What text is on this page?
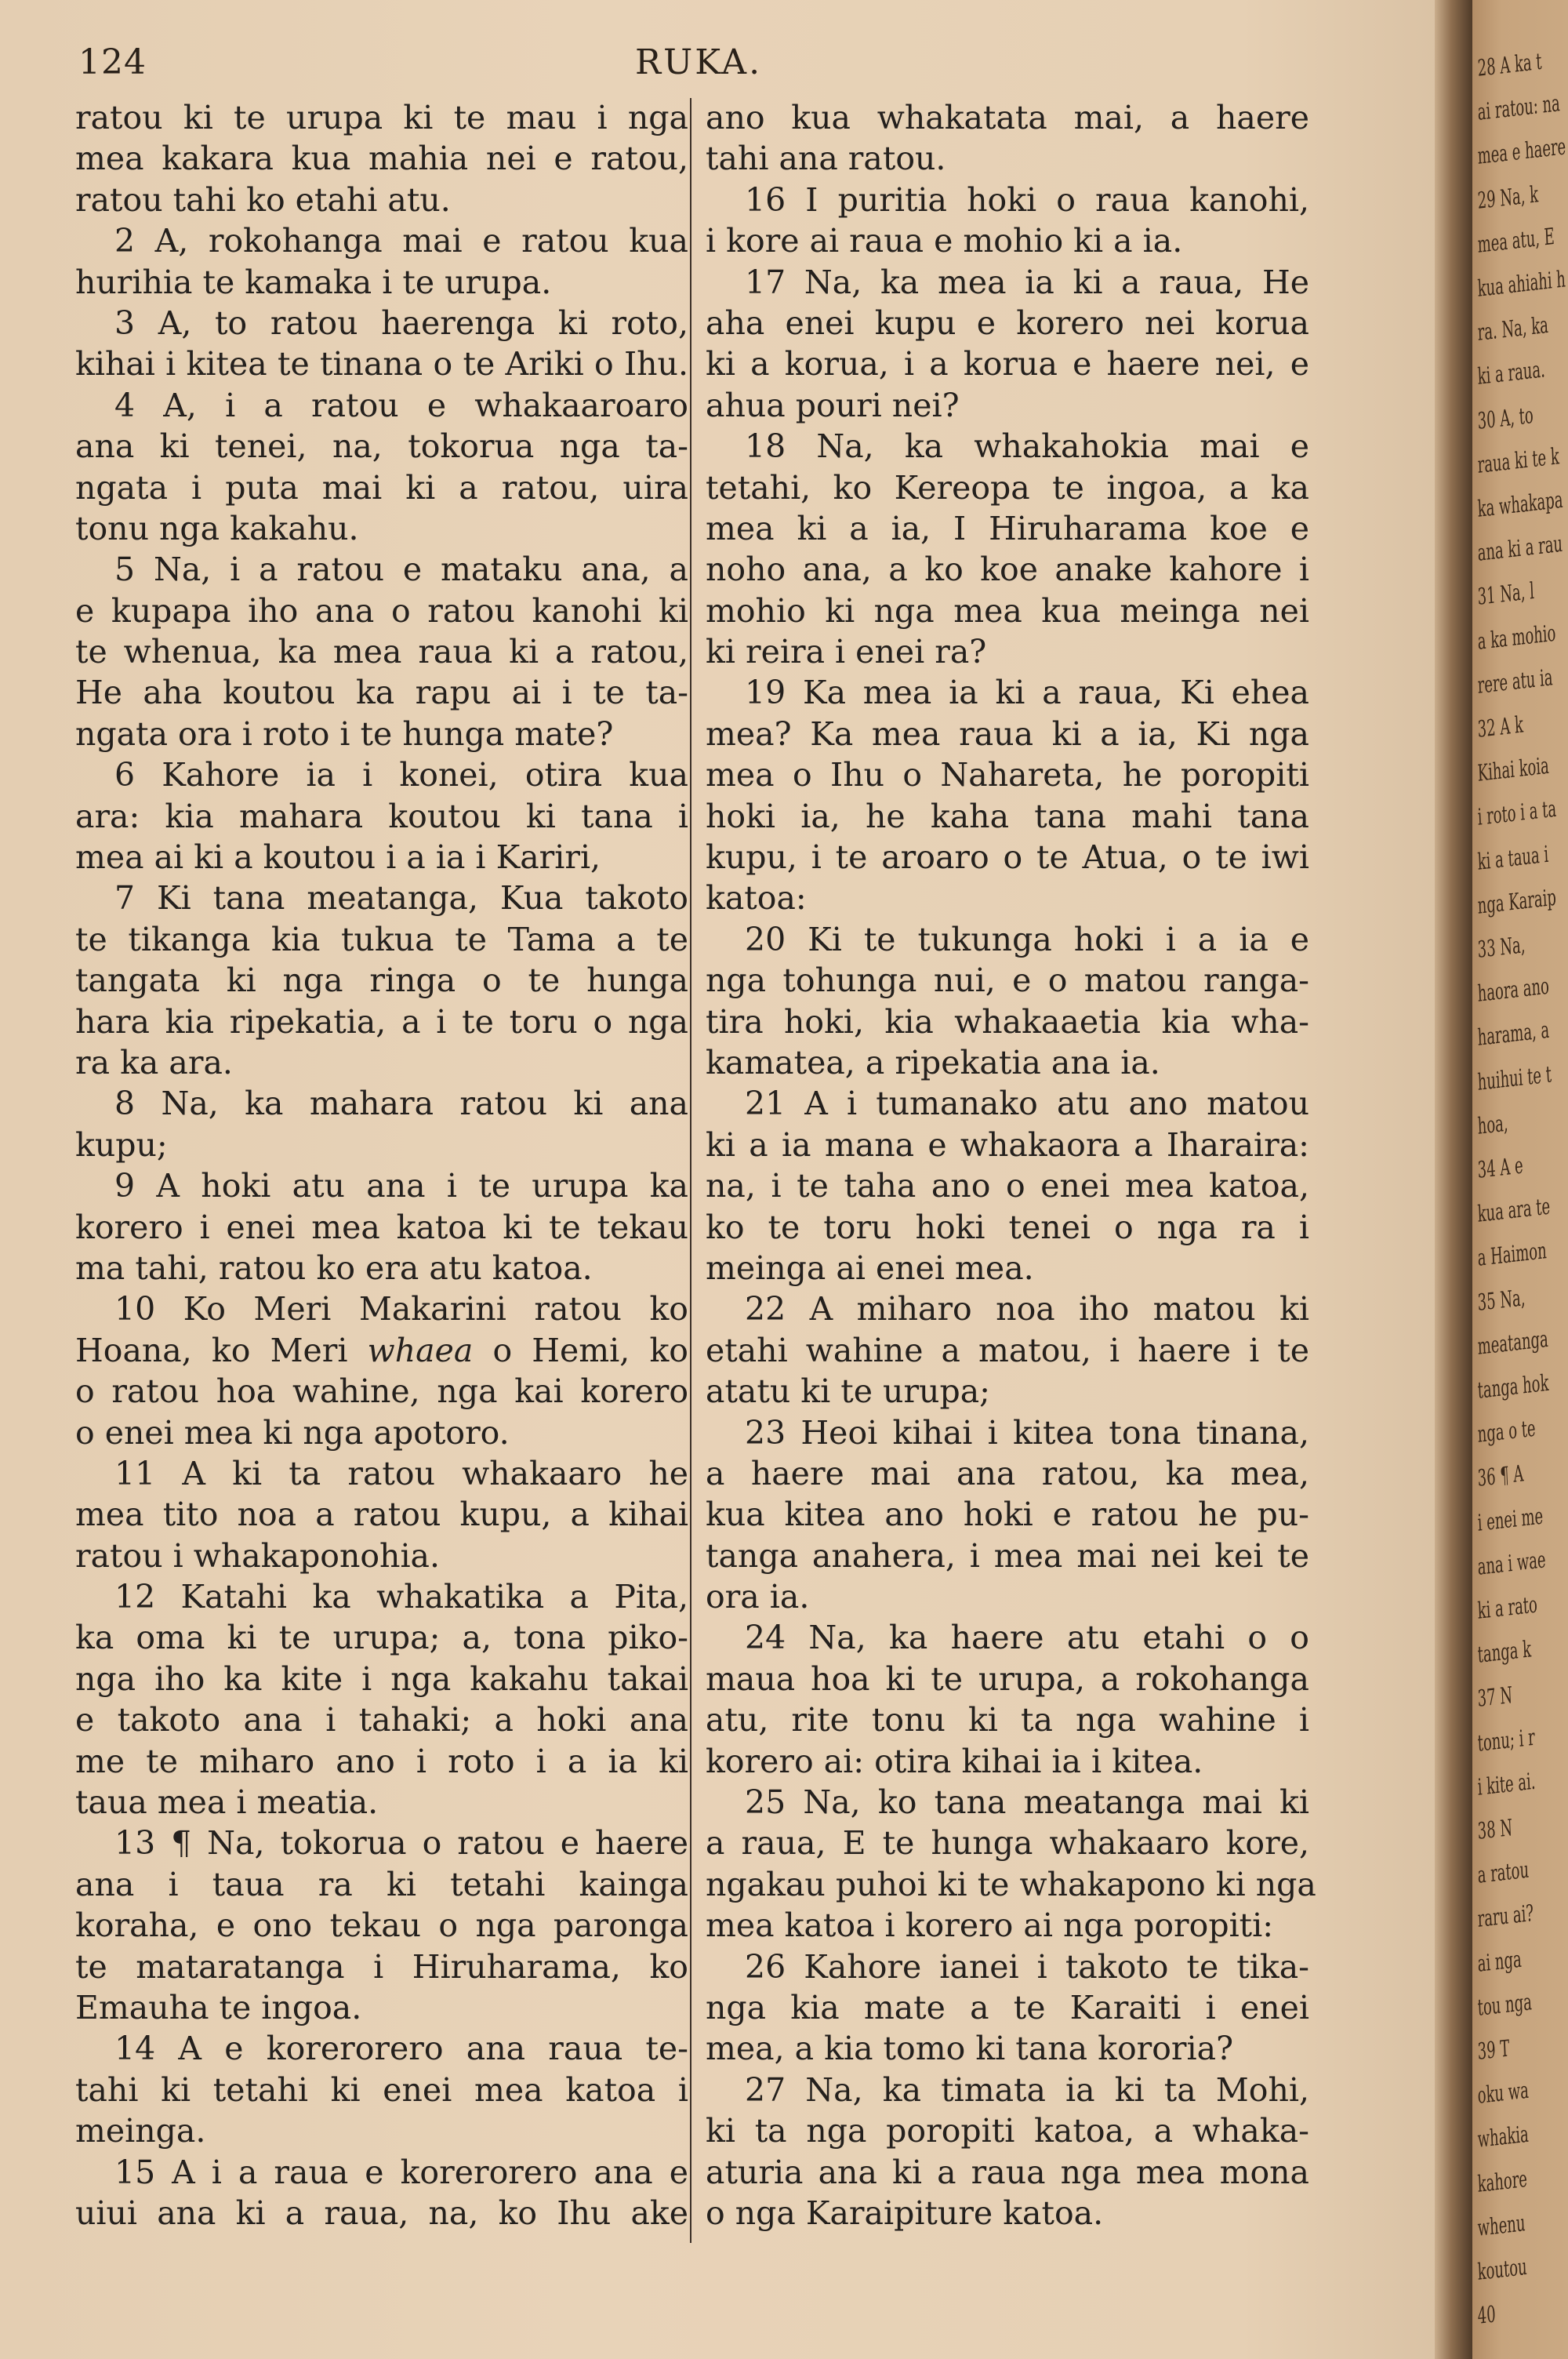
124	RUKA.
ratou ki te urupa ki te mau i nga
mea kakara kua mahia nei e ratou,
ratou tahi ko etahi atu.
2 A, rokohanga mai e ratou kua
hurihia te kamaka i te urupa.
3 A, to ratou haerenga ki roto,
kihai i kitea te tinana o te Ariki o Ihu.
4 A, i a ratou e whakaaroaro
ana ki tenei, na, tokorua nga ta-
ngata i puta mai ki a ratou, uira
tonu nga kakahu.
5 Na, i a ratou e mataku ana, a
e kupapa iho ana o ratou kanohi ki
te whenua, ka mea raua ki a ratou,
He aha koutou ka rapu ai i te ta-
ngata ora i roto i te hunga mate?
6 Kahore ia i konei, otira kua
ara: kia mahara koutou ki tana i
mea ai ki a koutou i a ia i Kariri,
7 Ki tana meatanga, Kua takoto
te tikanga kia tukua te Tama a te
tangata ki nga ringa o te hunga
hara kia ripekatia, a i te toru o nga
ra ka ara.
8 Na, ka mahara ratou ki ana
kupu;
9 A hoki atu ana i te urupa ka
korero i enei mea katoa ki te tekau
ma tahi, ratou ko era atu katoa.
10 Ko Meri Makarini ratou ko
Hoana, ko Meri whaea o Hemi, ko
o ratou hoa wahine, nga kai korero
o enei mea ki nga apotoro.
11 A ki ta ratou whakaaro he
mea tito noa a ratou kupu, a kihai
ratou i whakaponohia.
12 Katahi ka whakatika a Pita,
ka oma ki te urupa; a, tona piko-
nga iho ka kite i nga kakahu takai
e takoto ana i tahaki; a hoki ana
me te miharo ano i roto i a ia ki
taua mea i meatia.
13 ¶ Na, tokorua o ratou e haere
ana i taua ra ki tetahi kainga
koraha, e ono tekau o nga paronga
te mataratanga i Hiruharama, ko
Emauha te ingoa.
14 A e korerorero ana raua te-
tahi ki tetahi ki enei mea katoa i
meinga.
15 A i a raua e korerorero ana e
uiui ana ki a raua, na, ko Ihu ake
ano kua whakatata mai, a haere
tahi ana ratou.
16 I puritia hoki o raua kanohi,
i kore ai raua e mohio ki a ia.
17 Na, ka mea ia ki a raua, He
aha enei kupu e korero nei korua
ki a korua, i a korua e haere nei, e
ahua pouri nei?
18 Na, ka whakahokia mai e
tetahi, ko Kereopa te ingoa, a ka
mea ki a ia, I Hiruharama koe e
noho ana, a ko koe anake kahore i
mohio ki nga mea kua meinga nei
ki reira i enei ra?
19 Ka mea ia ki a raua, Ki ehea
mea? Ka mea raua ki a ia, Ki nga
mea o Ihu o Nahareta, he poropiti
hoki ia, he kaha tana mahi tana
kupu, i te aroaro o te Atua, o te iwi
katoa:
20 Ki te tukunga hoki i a ia e
nga tohunga nui, e o matou ranga-
tira hoki, kia whakaaetia kia wha-
kamatea, a ripekatia ana ia.
21 A i tumanako atu ano matou
ki a ia mana e whakaora a Iharaira:
na, i te taha ano o enei mea katoa,
ko te toru hoki tenei o nga ra i
meinga ai enei mea.
22 A miharo noa iho matou ki
etahi wahine a matou, i haere i te
atatu ki te urupa;
23 Heoi kihai i kitea tona tinana,
a haere mai ana ratou, ka mea,
kua kitea ano hoki e ratou he pu-
tanga anahera, i mea mai nei kei te
ora ia.
24 Na, ka haere atu etahi o o
maua hoa ki te urupa, a rokohanga
atu, rite tonu ki ta nga wahine i
korero ai: otira kihai ia i kitea.
25 Na, ko tana meatanga mai ki
a raua, E te hunga whakaaro kore,
ngakau puhoi ki te whakapono ki nga
mea katoa i korero ai nga poropiti:
26 Kahore ianei i takoto te tika-
nga kia mate a te Karaiti i enei
mea, a kia tomo ki tana kororia?
27 Na, ka timata ia ki ta Mohi,
ki ta nga poropiti katoa, a whaka-
aturia ana ki a raua nga mea mona
o nga Karaipiture katoa.
28 A ka t
ai ratou: na
mea e haere
29 Na, k
mea atu, E
kua ahiahi h
ra. Na, ka
ki a raua.
30 A, to
raua ki te k
ka whakapa
ana ki a rau
31 Na, l
a ka mohio
rere atu ia
32 A k
Kihai koia
i roto i a ta
ki a taua i
nga Karaip
33 Na,
haora ano
harama, a
huihui te t
hoa,
34 A e
kua ara te
a Haimon
35 Na,
meatanga
tanga hok
nga o te
36 ¶ A
i enei me
ana i wae
ki a rato
tanga k
37 N
tonu; i r
i kite ai.
38 N
a ratou
raru ai?
ai nga
tou nga
39 T
oku wa
whakia
kahore
whenu
koutou
40
